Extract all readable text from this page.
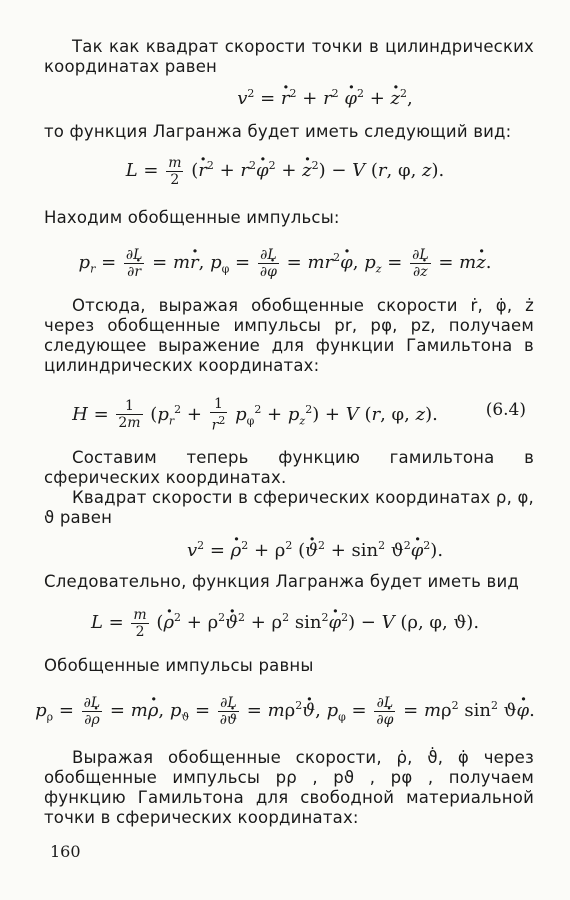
Так как квадрат скорости точки в цилиндрических координатах равен
$v^2$ = · $r^2 + r^2 \cdot \varphi^2$ + · $z^2$,
то функция Лагранжа будет иметь следующий вид:
$L = \frac{m}{2}$ (· $r^2 + r^2\cdot \varphi^2$ + · $z^2) - V$ (r, φ, z).
Находим обобщенные импульсы:
$p_r = \frac{\partial L}{\partial\cdot r} = m\cdot r$, $p_\varphi = \frac{\partial L}{\partial\cdot \varphi} = mr^2\cdot \varphi$, $p_z = \frac{\partial L}{\partial\cdot z} = m\cdot z$.
Отсюда, выражая обобщенные скорости ṙ, φ̇, ż через обобщенные импульсы pr, pφ, pz, получаем следующее выражение для функции Гамильтона в цилиндрических координатах:
$H = \frac{1}{2m} (p_r^2 + \frac{1}{r^2} p_\varphi^2 + p_z^2) + V$ (r, φ, z).	(6.4)
Составим теперь функцию гамильтона в сферических координатах.
Квадрат скорости в сферических координатах ρ, φ, ϑ равен
$v^2$ = · $\rho^2 + \rho^2$ (· $ϑ^2 + \sin^2 ϑ^2\cdot \varphi^2$).
Следовательно, функция Лагранжа будет иметь вид
$L = \frac{m}{2}$ (· $\rho^2 + \rho^2\cdot ϑ^2 + \rho^2$ $\sin^2\cdot \varphi^2) - V$ (ρ, φ, ϑ).
Обобщенные импульсы равны
$p_\rho = \frac{\partial L}{\partial\cdot \rho} = m\cdot \rho$, $p_ϑ = \frac{\partial L}{\partial\cdot ϑ} = m\rho^2\cdot ϑ$, $p_\varphi = \frac{\partial L}{\partial\cdot \varphi} = m\rho^2$ $\sin^2 ϑ\cdot \varphi$.
Выражая обобщенные скорости, ρ̇, ϑ̇, φ̇ через обобщенные импульсы pρ , pϑ , pφ , получаем функцию Гамильтона для свободной материальной точки в сферических координатах:
160
